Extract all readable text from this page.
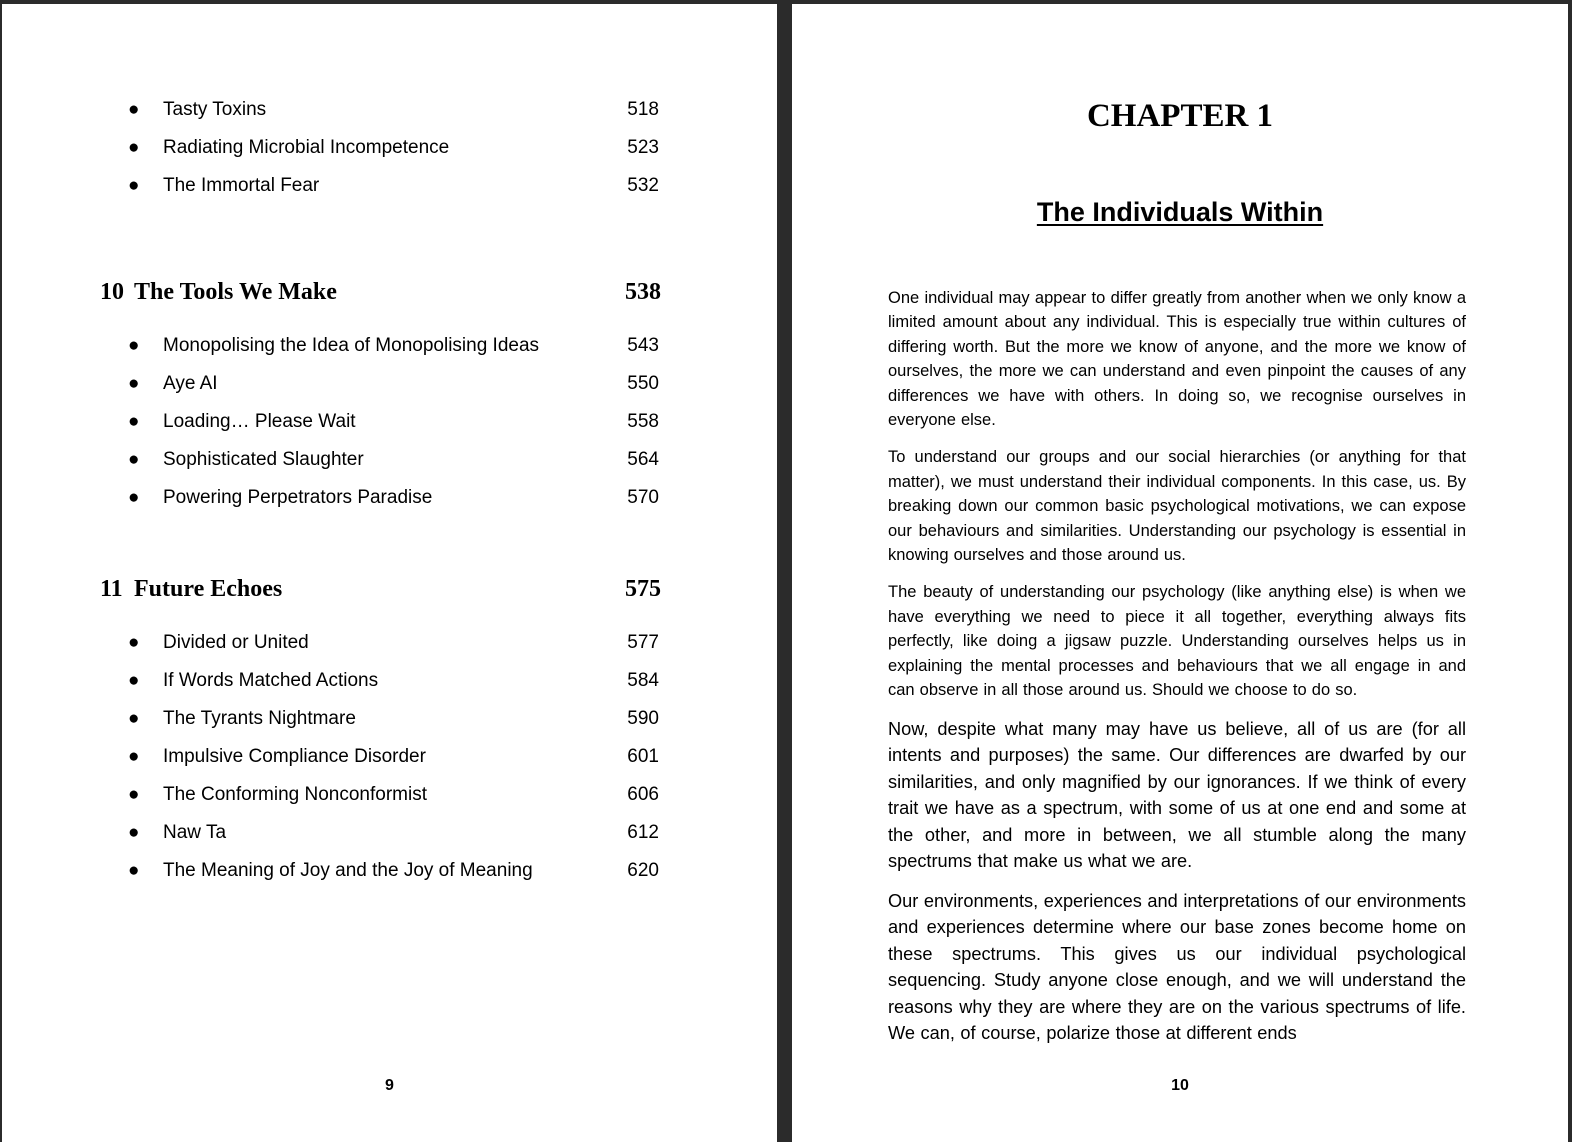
● Tasty Toxins	518
● Radiating Microbial Incompetence	523
● The Immortal Fear	532
10 The Tools We Make	538
● Monopolising the Idea of Monopolising Ideas	543
● Aye AI	550
● Loading… Please Wait	558
● Sophisticated Slaughter	564
● Powering Perpetrators Paradise	570
11 Future Echoes	575
● Divided or United	577
● If Words Matched Actions	584
● The Tyrants Nightmare	590
● Impulsive Compliance Disorder	601
● The Conforming Nonconformist	606
● Naw Ta	612
● The Meaning of Joy and the Joy of Meaning	620
9
CHAPTER 1
The Individuals Within

One individual may appear to differ greatly from another when we only know a limited amount about any individual. This is especially true within cultures of differing worth. But the more we know of anyone, and the more we know of ourselves, the more we can understand and even pinpoint the causes of any differences we have with others. In doing so, we recognise ourselves in everyone else.

To understand our groups and our social hierarchies (or anything for that matter), we must understand their individual components. In this case, us. By breaking down our common basic psychological motivations, we can expose our behaviours and similarities. Understanding our psychology is essential in knowing ourselves and those around us.

The beauty of understanding our psychology (like anything else) is when we have everything we need to piece it all together, everything always fits perfectly, like doing a jigsaw puzzle. Understanding ourselves helps us in explaining the mental processes and behaviours that we all engage in and can observe in all those around us. Should we choose to do so.

Now, despite what many may have us believe, all of us are (for all intents and purposes) the same. Our differences are dwarfed by our similarities, and only magnified by our ignorances. If we think of every trait we have as a spectrum, with some of us at one end and some at the other, and more in between, we all stumble along the many spectrums that make us what we are.

Our environments, experiences and interpretations of our environments and experiences determine where our base zones become home on these spectrums. This gives us our individual psychological sequencing. Study anyone close enough, and we will understand the reasons why they are where they are on the various spectrums of life. We can, of course, polarize those at different ends

10
